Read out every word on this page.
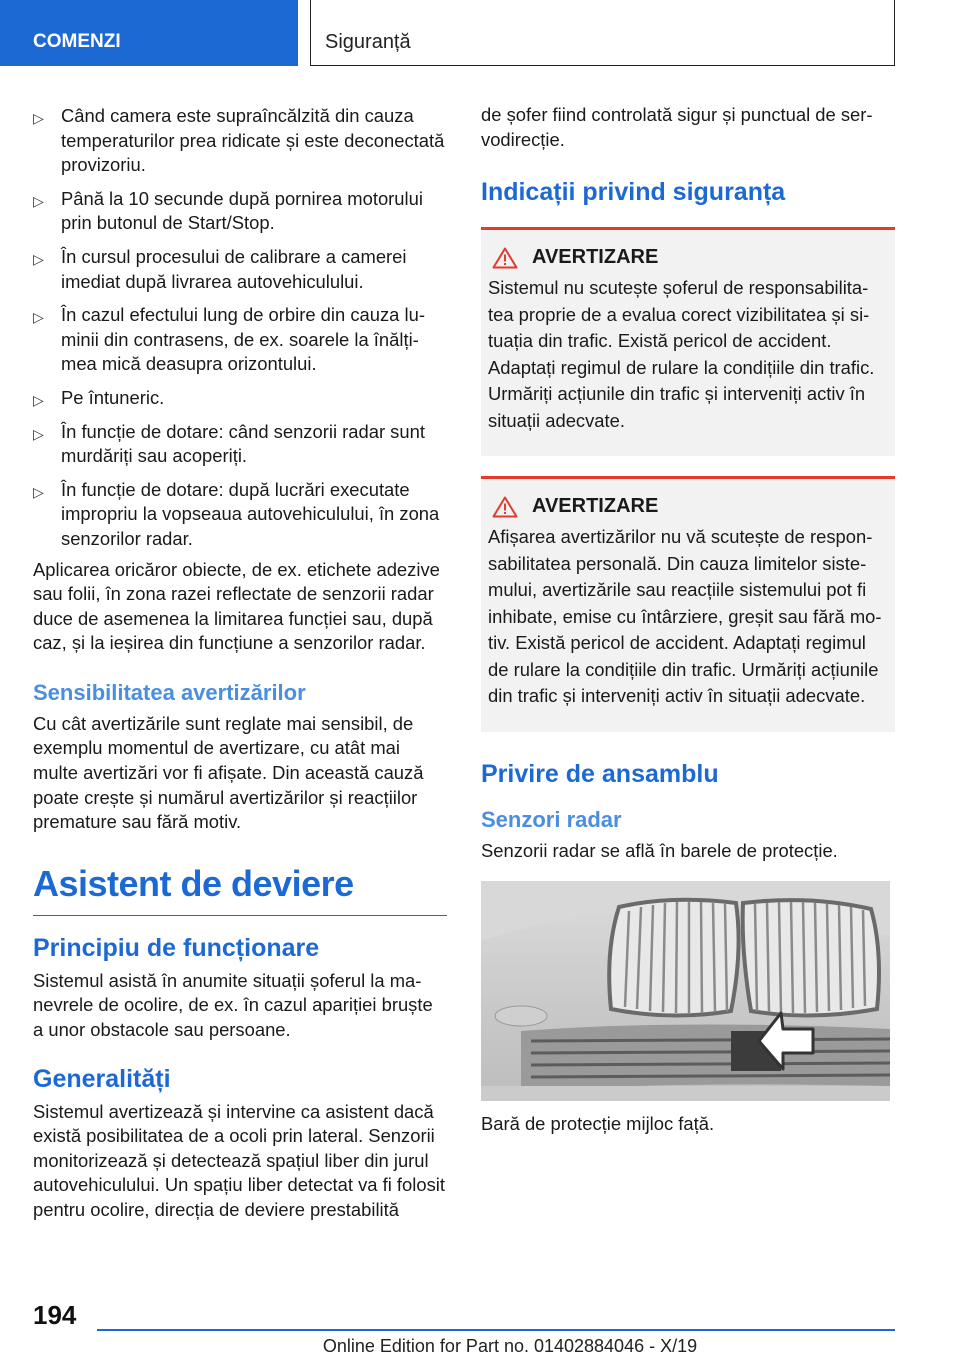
COMENZI	Siguranță
▷ Când camera este supraîncălzită din cauza temperaturilor prea ridicate și este deconectată provizoriu.
▷ Până la 10 secunde după pornirea motorului prin butonul de Start/Stop.
▷ În cursul procesului de calibrare a camerei imediat după livrarea autovehiculului.
▷ În cazul efectului lung de orbire din cauza luminii din contrasens, de ex. soarele la înălțimea mică deasupra orizontului.
▷ Pe întuneric.
▷ În funcție de dotare: când senzorii radar sunt murdăriți sau acoperiți.
▷ În funcție de dotare: după lucrări executate impropriu la vopseaua autovehiculului, în zona senzorilor radar.

Aplicarea oricăror obiecte, de ex. etichete adezive sau folii, în zona razei reflectate de senzorii radar duce de asemenea la limitarea funcției sau, după caz, și la ieșirea din funcțiune a senzorilor radar.

Sensibilitatea avertizărilor

Cu cât avertizările sunt reglate mai sensibil, de exemplu momentul de avertizare, cu atât mai multe avertizări vor fi afișate. Din această cauză poate crește și numărul avertizărilor și reacțiilor premature sau fără motiv.

Asistent de deviere
Principiu de funcționare

Sistemul asistă în anumite situații șoferul la manevrele de ocolire, de ex. în cazul apariției bruște a unor obstacole sau persoane.

Generalități

Sistemul avertizează și intervine ca asistent dacă există posibilitatea de a ocoli prin lateral. Senzorii monitorizează și detectează spațiul liber din jurul autovehiculului. Un spațiu liber detectat va fi folosit pentru ocolire, direcția de deviere prestabilită

de șofer fiind controlată sigur și punctual de servodirecție.

Indicații privind siguranța
AVERTIZARE

Sistemul nu scutește șoferul de responsabilitatea proprie de a evalua corect vizibilitatea și situația din trafic. Există pericol de accident. Adaptați regimul de rulare la condițiile din trafic. Urmăriți acțiunile din trafic și interveniți activ în situații adecvate.

AVERTIZARE

Afișarea avertizărilor nu vă scutește de responsabilitatea personală. Din cauza limitelor sistemului, avertizările sau reacțiile sistemului pot fi inhibate, emise cu întârziere, greșit sau fără motiv. Există pericol de accident. Adaptați regimul de rulare la condițiile din trafic. Urmăriți acțiunile din trafic și interveniți activ în situații adecvate.

Privire de ansamblu
Senzori radar

Senzorii radar se află în barele de protecție.

Bară de protecție mijloc față.

194
Online Edition for Part no. 01402884046 - X/19
